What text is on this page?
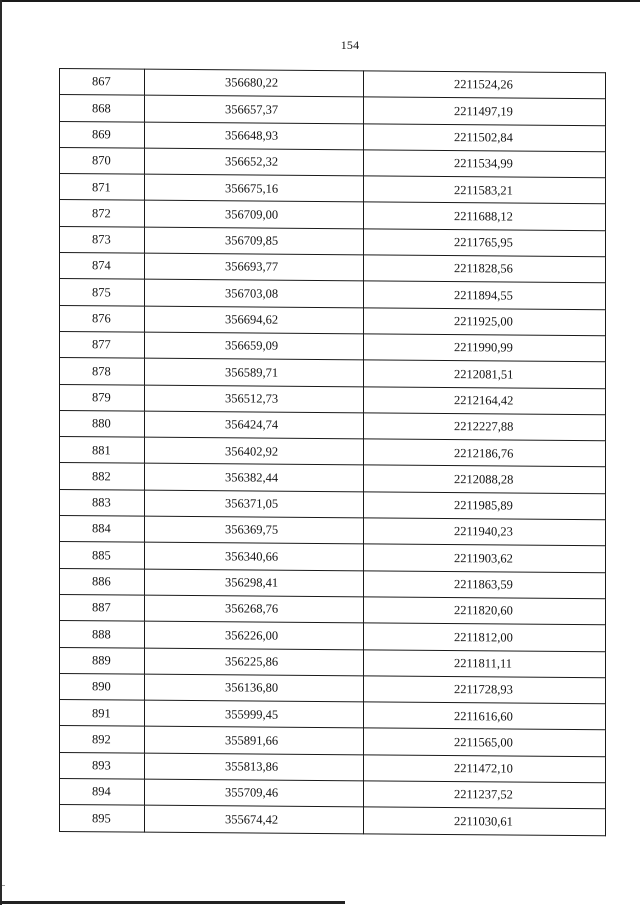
154
867	356680,22	2211524,26
868	356657,37	2211497,19
869	356648,93	2211502,84
870	356652,32	2211534,99
871	356675,16	2211583,21
872	356709,00	2211688,12
873	356709,85	2211765,95
874	356693,77	2211828,56
875	356703,08	2211894,55
876	356694,62	2211925,00
877	356659,09	2211990,99
878	356589,71	2212081,51
879	356512,73	2212164,42
880	356424,74	2212227,88
881	356402,92	2212186,76
882	356382,44	2212088,28
883	356371,05	2211985,89
884	356369,75	2211940,23
885	356340,66	2211903,62
886	356298,41	2211863,59
887	356268,76	2211820,60
888	356226,00	2211812,00
889	356225,86	2211811,11
890	356136,80	2211728,93
891	355999,45	2211616,60
892	355891,66	2211565,00
893	355813,86	2211472,10
894	355709,46	2211237,52
895	355674,42	2211030,61
